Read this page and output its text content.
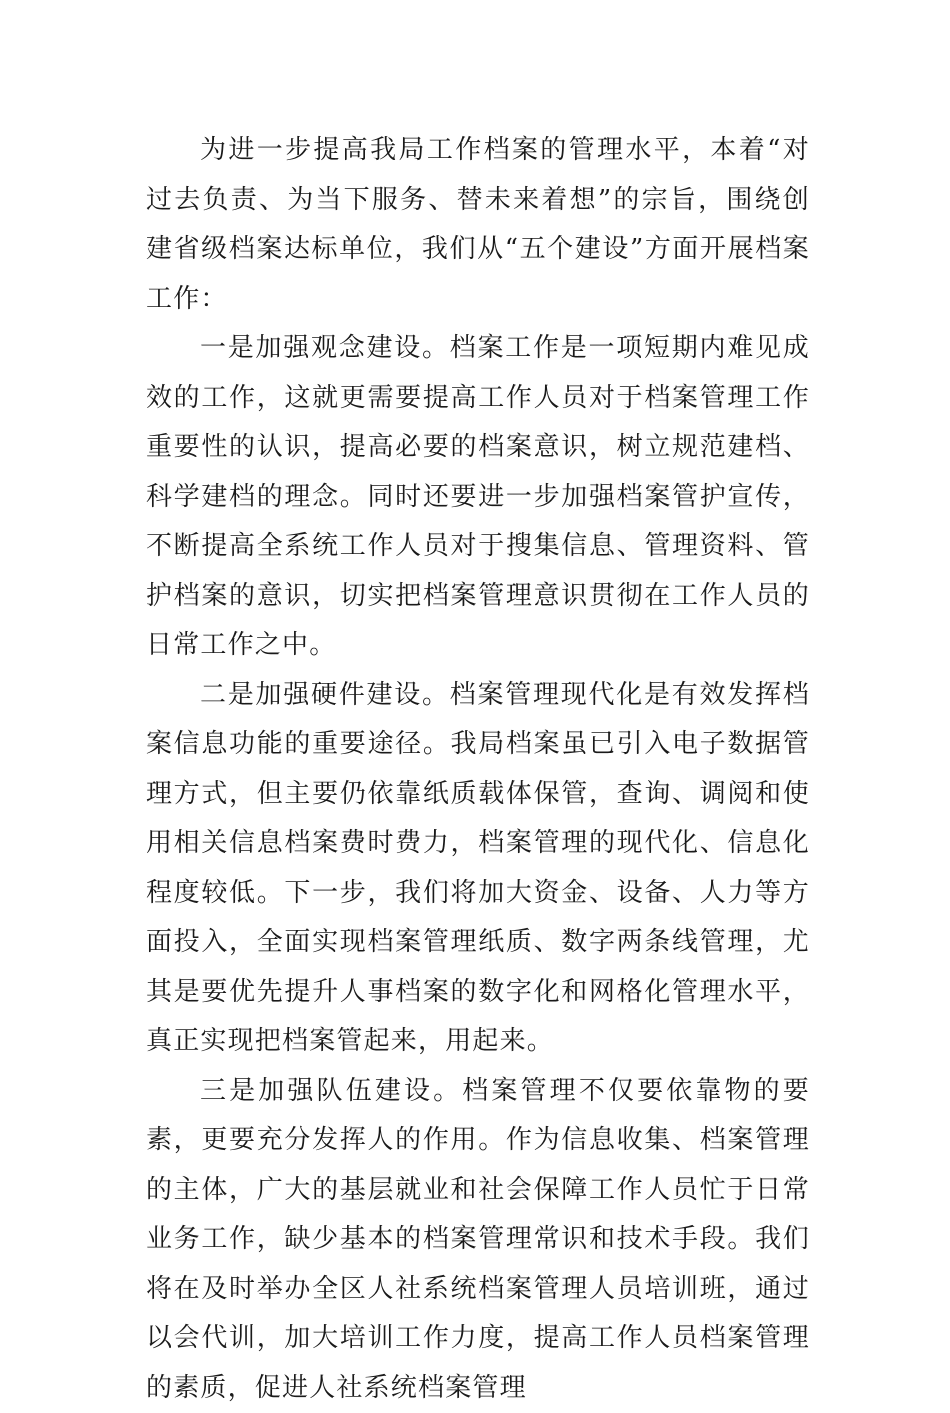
为进一步提高我局工作档案的管理水平，本着“对过去负责、为当下服务、替未来着想”的宗旨，围绕创建省级档案达标单位，我们从“五个建设”方面开展档案工作：

一是加强观念建设。档案工作是一项短期内难见成效的工作，这就更需要提高工作人员对于档案管理工作重要性的认识，提高必要的档案意识，树立规范建档、科学建档的理念。同时还要进一步加强档案管护宣传，不断提高全系统工作人员对于搜集信息、管理资料、管护档案的意识，切实把档案管理意识贯彻在工作人员的日常工作之中。

二是加强硬件建设。档案管理现代化是有效发挥档案信息功能的重要途径。我局档案虽已引入电子数据管理方式，但主要仍依靠纸质载体保管，查询、调阅和使用相关信息档案费时费力，档案管理的现代化、信息化程度较低。下一步，我们将加大资金、设备、人力等方面投入，全面实现档案管理纸质、数字两条线管理，尤其是要优先提升人事档案的数字化和网格化管理水平，真正实现把档案管起来，用起来。

三是加强队伍建设。档案管理不仅要依靠物的要素，更要充分发挥人的作用。作为信息收集、档案管理的主体，广大的基层就业和社会保障工作人员忙于日常业务工作，缺少基本的档案管理常识和技术手段。我们将在及时举办全区人社系统档案管理人员培训班，通过以会代训，加大培训工作力度，提高工作人员档案管理的素质，促进人社系统档案管理
